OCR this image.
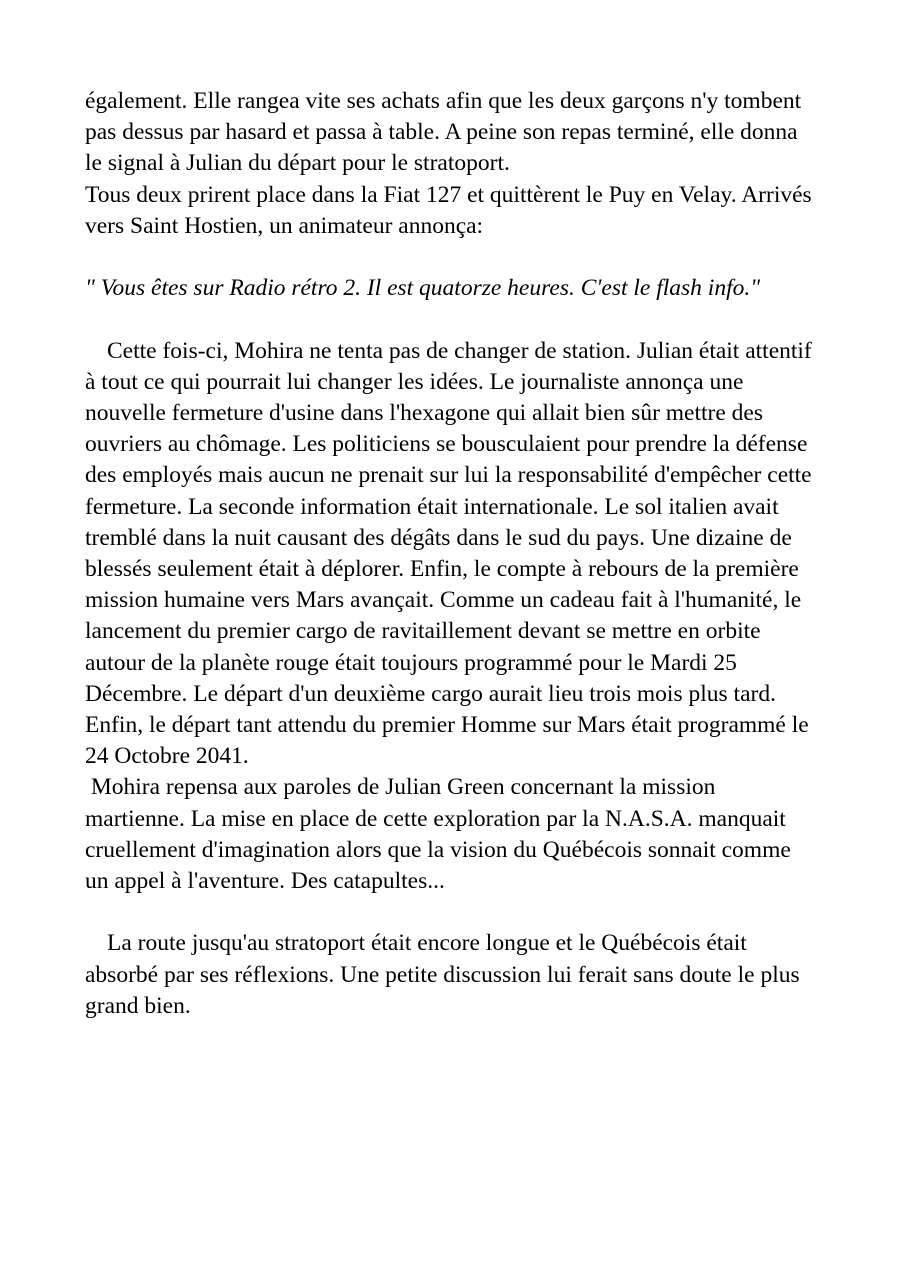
également. Elle rangea vite ses achats afin que les deux garçons n'y tombent pas dessus par hasard et passa à table. A peine son repas terminé, elle donna le signal à Julian du départ pour le stratoport.

Tous deux prirent place dans la Fiat 127 et quittèrent le Puy en Velay. Arrivés vers Saint Hostien, un animateur annonça:

" Vous êtes sur Radio rétro 2. Il est quatorze heures. C'est le flash info."

Cette fois-ci, Mohira ne tenta pas de changer de station. Julian était attentif à tout ce qui pourrait lui changer les idées. Le journaliste annonça une nouvelle fermeture d'usine dans l'hexagone qui allait bien sûr mettre des ouvriers au chômage. Les politiciens se bousculaient pour prendre la défense des employés mais aucun ne prenait sur lui la responsabilité d'empêcher cette fermeture. La seconde information était internationale. Le sol italien avait tremblé dans la nuit causant des dégâts dans le sud du pays. Une dizaine de blessés seulement était à déplorer. Enfin, le compte à rebours de la première mission humaine vers Mars avançait. Comme un cadeau fait à l'humanité, le lancement du premier cargo de ravitaillement devant se mettre en orbite autour de la planète rouge était toujours programmé pour le Mardi 25 Décembre. Le départ d'un deuxième cargo aurait lieu trois mois plus tard. Enfin, le départ tant attendu du premier Homme sur Mars était programmé le 24 Octobre 2041.

Mohira repensa aux paroles de Julian Green concernant la mission martienne. La mise en place de cette exploration par la N.A.S.A. manquait cruellement d'imagination alors que la vision du Québécois sonnait comme un appel à l'aventure. Des catapultes...

La route jusqu'au stratoport était encore longue et le Québécois était absorbé par ses réflexions. Une petite discussion lui ferait sans doute le plus grand bien.
